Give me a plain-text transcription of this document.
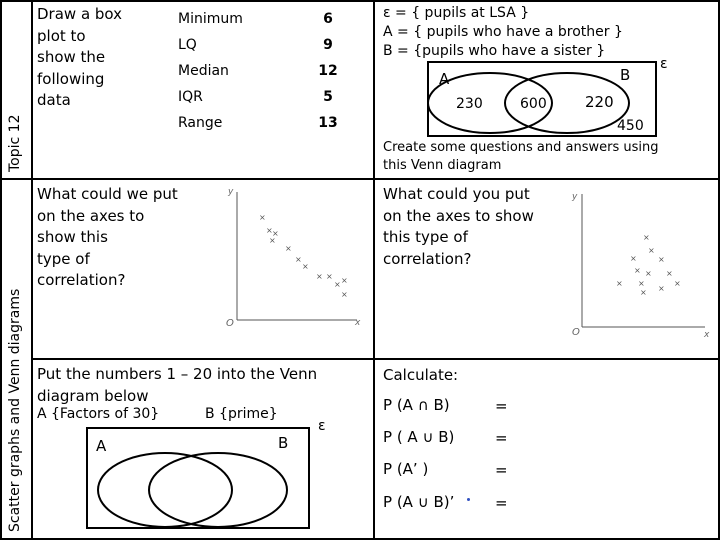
Topic 12
Scatter graphs and Venn diagrams
Draw a box
plot to
show the
following
data
Minimum	6
LQ	9
Median	12
IQR	5
Range	13
ε = { pupils at LSA }
A = { pupils who have a brother }
B = {pupils who have a sister }
ε
A	B
230	600	220
450
Create some questions and answers using
this Venn diagram
What could we put
on the axes to
show this
type of
correlation?
y
x
O
×
× ×
×
×
×
×
× ×
× ×
×
What could you put
on the axes to show
this type of
correlation?
y
x
O
×
×
×	×
× × ×
× ×
×
×
×
Put the numbers 1 – 20 into the Venn
diagram below
A {Factors of 30}	B {prime}
ε
A	B
Calculate:
P (A ∩ B)	=
P ( A ∪ B)	=
P (A’ )	=
P (A ∪ B)’	=
